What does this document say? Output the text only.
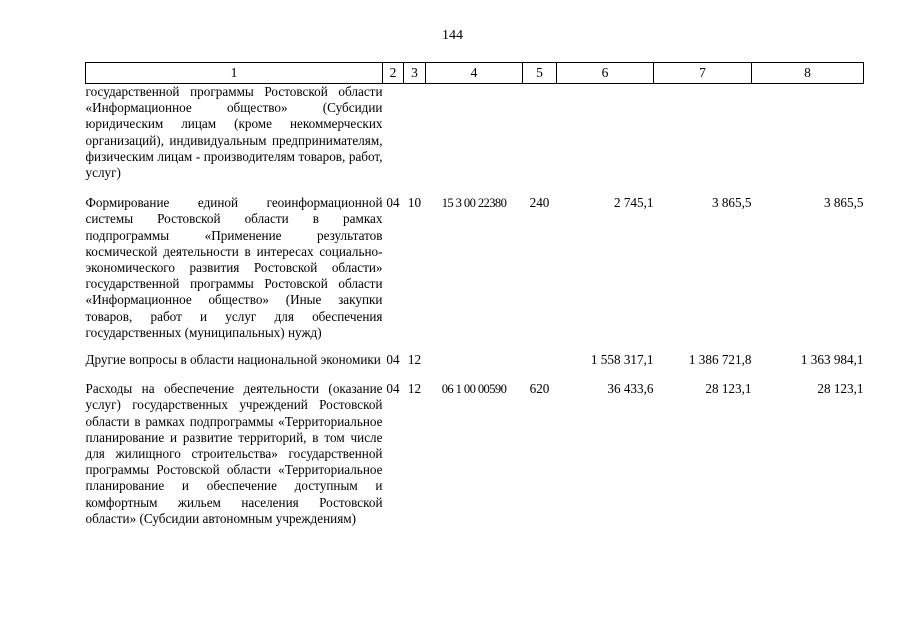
144
1	2	3	4	5	6	7	8
государственной программы Ростовской области «Информационное общество» (Субсидии юридическим лицам (кроме некоммерческих организаций), индивидуальным предпринимателям, физическим лицам - производителям товаров, работ, услуг)							
Формирование единой геоинформационной системы Ростовской области в рамках подпрограммы «Применение результатов космической деятельности в интересах социально-экономического развития Ростовской области» государственной программы Ростовской области «Информационное общество» (Иные закупки товаров, работ и услуг для обеспечения государственных (муниципальных) нужд)	04	10	15 3 00 22380	240	2 745,1	3 865,5	3 865,5
Другие вопросы в области национальной экономики	04	12			1 558 317,1	1 386 721,8	1 363 984,1
Расходы на обеспечение деятельности (оказание услуг) государственных учреждений Ростовской области в рамках подпрограммы «Территориальное планирование и развитие территорий, в том числе для жилищного строительства» государственной программы Ростовской области «Территориальное планирование и обеспечение доступным и комфортным жильем населения Ростовской области» (Субсидии автономным учреждениям)	04	12	06 1 00 00590	620	36 433,6	28 123,1	28 123,1
